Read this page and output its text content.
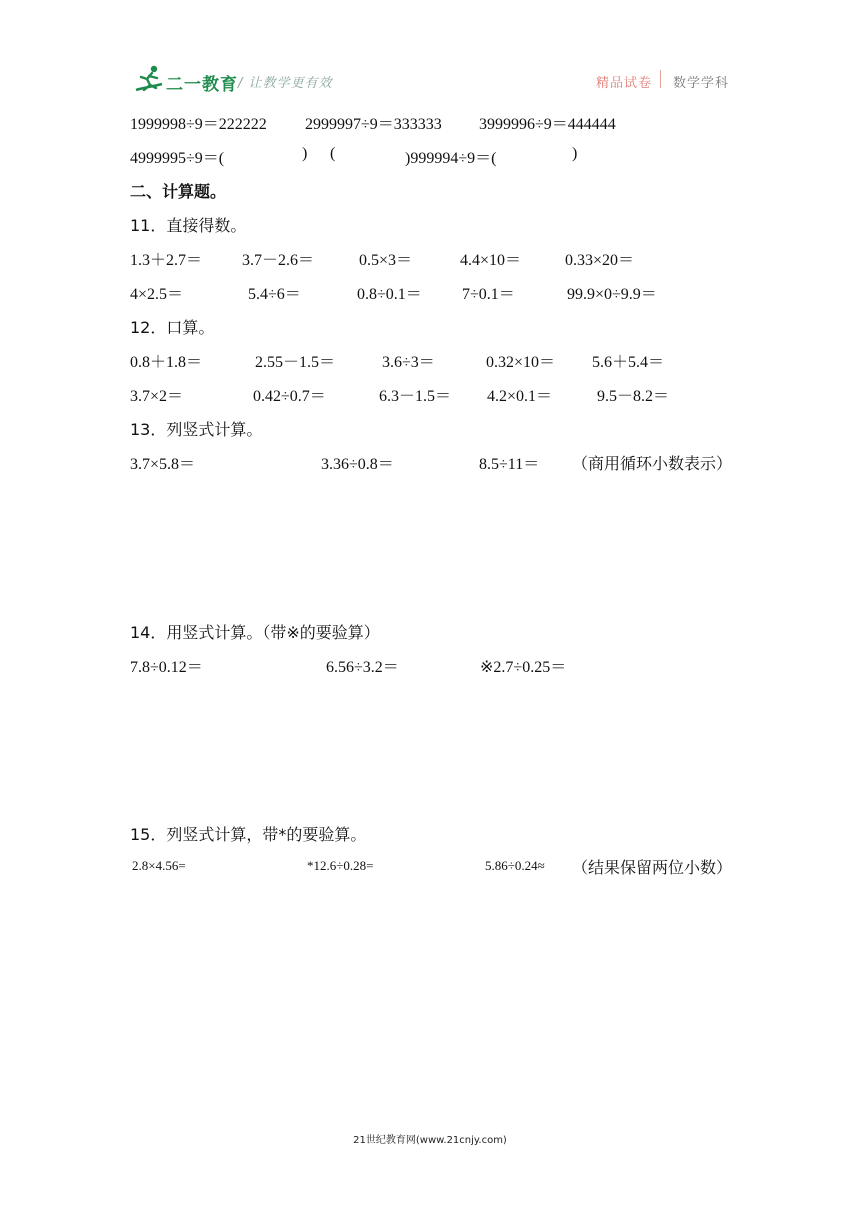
二一教育 / 让教学更有效	精品试卷 数学学科
1999998÷9＝222222 2999997÷9＝333333 3999996÷9＝444444
4999995÷9＝(	) (	)999994÷9＝(	)
二、计算题。
11．直接得数。
1.3＋2.7＝ 3.7－2.6＝	0.5×3＝	4.4×10＝	0.33×20＝
4×2.5＝	5.4÷6＝	0.8÷0.1＝	7÷0.1＝	99.9×0÷9.9＝
12．口算。
0.8＋1.8＝	2.55－1.5＝	3.6÷3＝	0.32×10＝ 5.6＋5.4＝
3.7×2＝	0.42÷0.7＝	6.3－1.5＝ 4.2×0.1＝	9.5－8.2＝
13．列竖式计算。
3.7×5.8＝	3.36÷0.8＝	8.5÷11＝ （商用循环小数表示）
14．用竖式计算。（带※的要验算）
7.8÷0.12＝	6.56÷3.2＝	※2.7÷0.25＝
15．列竖式计算，带*的要验算。
2.8×4.56=	*12.6÷0.28=	5.86÷0.24≈ （结果保留两位小数）
21世纪教育网(www.21cnjy.com)
